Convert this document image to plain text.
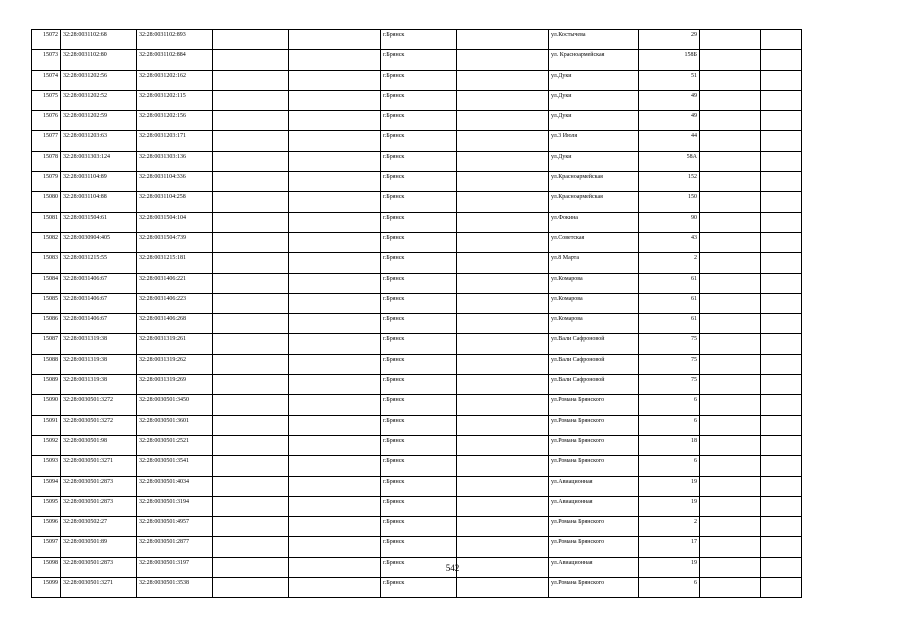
15072	32:28:0031102:68	32:28:0031102:893			г.Брянск		ул.Костычева	29		
15073	32:28:0031102:80	32:28:0031102:884			г.Брянск		ул. Красноармейская	158Б		
15074	32:28:0031202:56	32:28:0031202:162			г.Брянск		ул.Дуки	51		
15075	32:28:0031202:52	32:28:0031202:115			г.Брянск		ул.Дуки	49		
15076	32:28:0031202:59	32:28:0031202:156			г.Брянск		ул.Дуки	49		
15077	32:28:0031203:63	32:28:0031203:171			г.Брянск		ул.3 Июля	44		
15078	32:28:0031303:124	32:28:0031303:136			г.Брянск		ул.Дуки	58А		
15079	32:28:0031104:89	32:28:0031104:336			г.Брянск		ул.Красноармейская	152		
15080	32:28:0031104:88	32:28:0031104:258			г.Брянск		ул.Красноармейская	150		
15081	32:28:0031504:61	32:28:0031504:104			г.Брянск		ул.Фокина	90		
15082	32:28:0030904:405	32:28:0031504:739			г.Брянск		ул.Советская	43		
15083	32:28:0031215:55	32:28:0031215:181			г.Брянск		ул.8 Марта	2		
15084	32:28:0031406:67	32:28:0031406:221			г.Брянск		ул.Комарова	61		
15085	32:28:0031406:67	32:28:0031406:223			г.Брянск		ул.Комарова	61		
15086	32:28:0031406:67	32:28:0031406:268			г.Брянск		ул.Комарова	61		
15087	32:28:0031319:38	32:28:0031319:261			г.Брянск		ул.Вали Сафроновой	75		
15088	32:28:0031319:38	32:28:0031319:262			г.Брянск		ул.Вали Сафроновой	75		
15089	32:28:0031319:38	32:28:0031319:269			г.Брянск		ул.Вали Сафроновой	75		
15090	32:28:0030501:3272	32:28:0030501:3450			г.Брянск		ул.Романа Брянского	6		
15091	32:28:0030501:3272	32:28:0030501:3601			г.Брянск		ул.Романа Брянского	6		
15092	32:28:0030501:98	32:28:0030501:2521			г.Брянск		ул.Романа Брянского	18		
15093	32:28:0030501:3271	32:28:0030501:3541			г.Брянск		ул.Романа Брянского	6		
15094	32:28:0030501:2873	32:28:0030501:4034			г.Брянск		ул.Авиационная	19		
15095	32:28:0030501:2873	32:28:0030501:3194			г.Брянск		ул.Авиационная	19		
15096	32:28:0030502:27	32:28:0030501:4957			г.Брянск		ул.Романа Брянского	2		
15097	32:28:0030501:89	32:28:0030501:2877			г.Брянск		ул.Романа Брянского	17		
15098	32:28:0030501:2873	32:28:0030501:3197			г.Брянск		ул.Авиационная	19		
15099	32:28:0030501:3271	32:28:0030501:3538			г.Брянск		ул.Романа Брянского	6		
542
